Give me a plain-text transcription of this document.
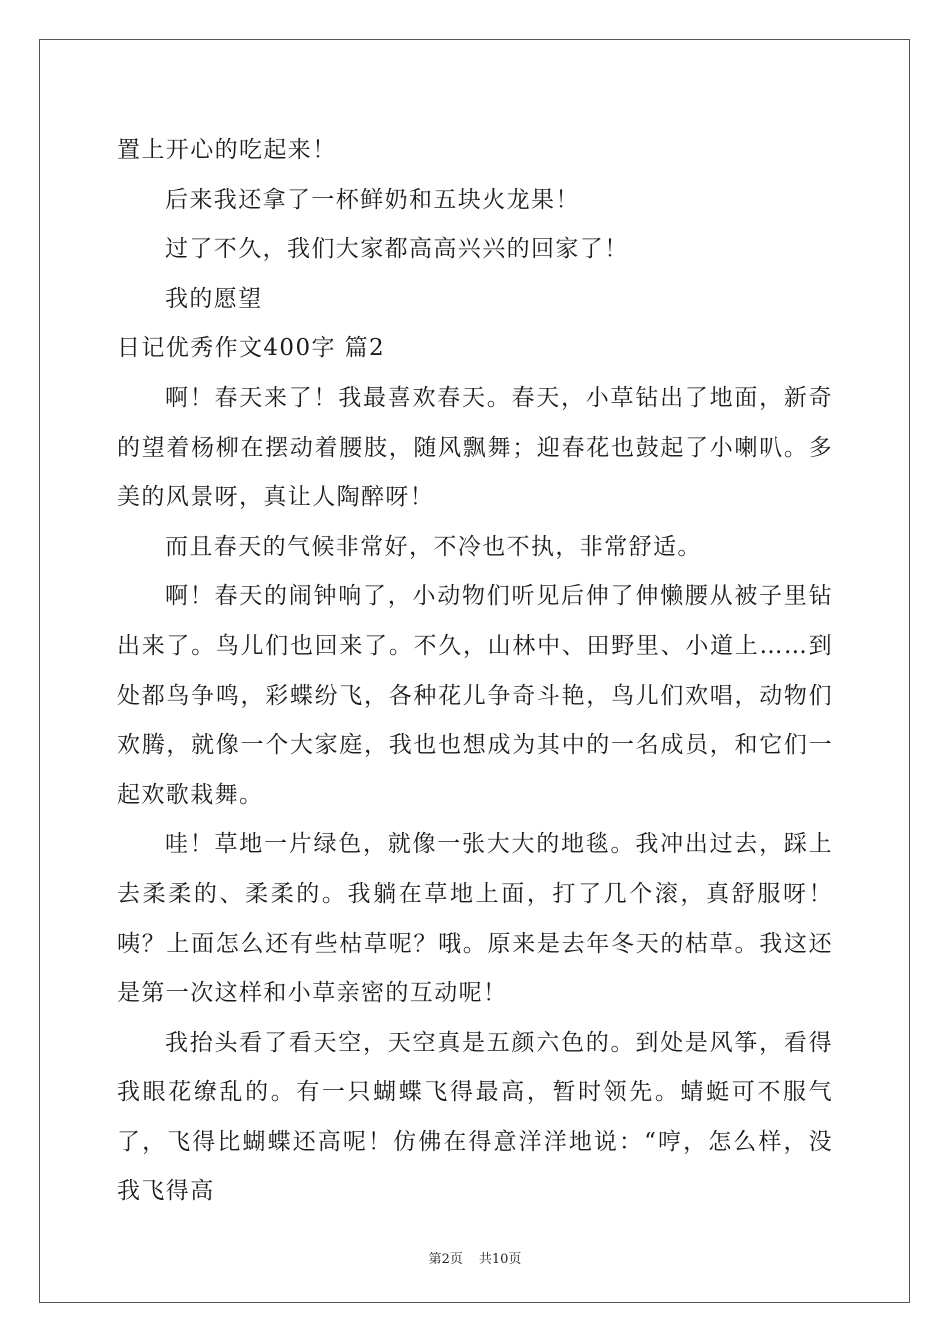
置上开心的吃起来！

后来我还拿了一杯鲜奶和五块火龙果！

过了不久，我们大家都高高兴兴的回家了！

我的愿望

日记优秀作文400字 篇2

啊！春天来了！我最喜欢春天。春天，小草钻出了地面，新奇的望着杨柳在摆动着腰肢，随风飘舞；迎春花也鼓起了小喇叭。多美的风景呀，真让人陶醉呀！

而且春天的气候非常好，不冷也不执，非常舒适。

啊！春天的闹钟响了，小动物们听见后伸了伸懒腰从被子里钻出来了。鸟儿们也回来了。不久，山林中、田野里、小道上……到处都鸟争鸣，彩蝶纷飞，各种花儿争奇斗艳，鸟儿们欢唱，动物们欢腾，就像一个大家庭，我也也想成为其中的一名成员，和它们一起欢歌栽舞。

哇！草地一片绿色，就像一张大大的地毯。我冲出过去，踩上去柔柔的、柔柔的。我躺在草地上面，打了几个滚，真舒服呀！咦？上面怎么还有些枯草呢？哦。原来是去年冬天的枯草。我这还是第一次这样和小草亲密的互动呢！

我抬头看了看天空，天空真是五颜六色的。到处是风筝，看得我眼花缭乱的。有一只蝴蝶飞得最高，暂时领先。蜻蜓可不服气了，飞得比蝴蝶还高呢！仿佛在得意洋洋地说：“哼，怎么样，没我飞得高

第2页 共10页
